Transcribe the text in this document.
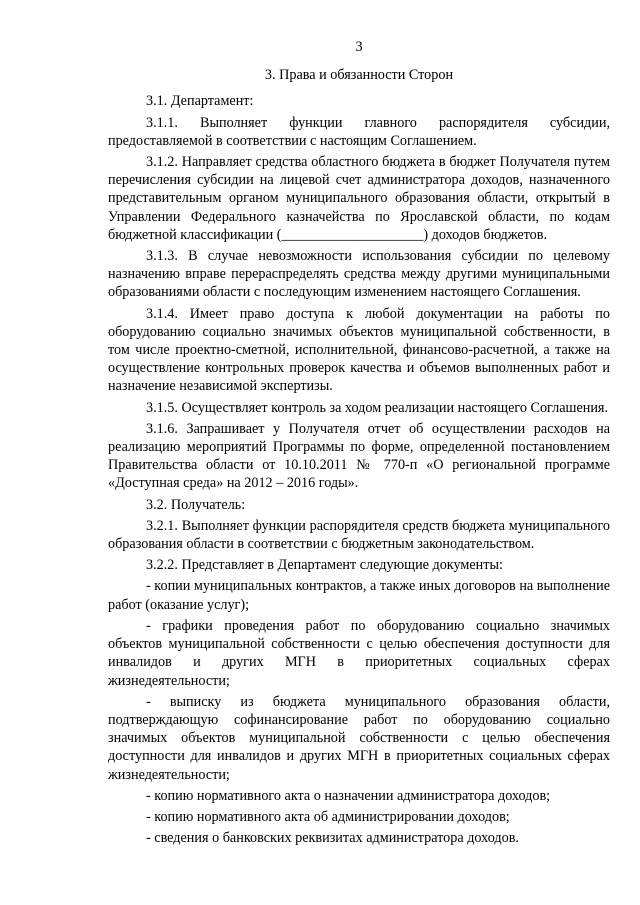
3
3. Права и обязанности Сторон

3.1. Департамент:

3.1.1. Выполняет функции главного распорядителя субсидии, предоставляемой в соответствии с настоящим Соглашением.

3.1.2. Направляет средства областного бюджета в бюджет Получателя путем перечисления субсидии на лицевой счет администратора доходов, назначенного представительным органом муниципального образования области, открытый в Управлении Федерального казначейства по Ярославской области, по кодам бюджетной классификации (____________________) доходов бюджетов.

3.1.3. В случае невозможности использования субсидии по целевому назначению вправе перераспределять средства между другими муниципальными образованиями области с последующим изменением настоящего Соглашения.

3.1.4. Имеет право доступа к любой документации на работы по оборудованию социально значимых объектов муниципальной собственности, в том числе проектно-сметной, исполнительной, финансово-расчетной, а также на осуществление контрольных проверок качества и объемов выполненных работ и назначение независимой экспертизы.

3.1.5. Осуществляет контроль за ходом реализации настоящего Соглашения.

3.1.6. Запрашивает у Получателя отчет об осуществлении расходов на реализацию мероприятий Программы по форме, определенной постановлением Правительства области от 10.10.2011 № 770-п «О региональной программе «Доступная среда» на 2012 – 2016 годы».

3.2. Получатель:

3.2.1. Выполняет функции распорядителя средств бюджета муниципального образования области в соответствии с бюджетным законодательством.

3.2.2. Представляет в Департамент следующие документы:

- копии муниципальных контрактов, а также иных договоров на выполнение работ (оказание услуг);

- графики проведения работ по оборудованию социально значимых объектов муниципальной собственности с целью обеспечения доступности для инвалидов и других МГН в приоритетных социальных сферах жизнедеятельности;

- выписку из бюджета муниципального образования области, подтверждающую софинансирование работ по оборудованию социально значимых объектов муниципальной собственности с целью обеспечения доступности для инвалидов и других МГН в приоритетных социальных сферах жизнедеятельности;

- копию нормативного акта о назначении администратора доходов;

- копию нормативного акта об администрировании доходов;

- сведения о банковских реквизитах администратора доходов.
